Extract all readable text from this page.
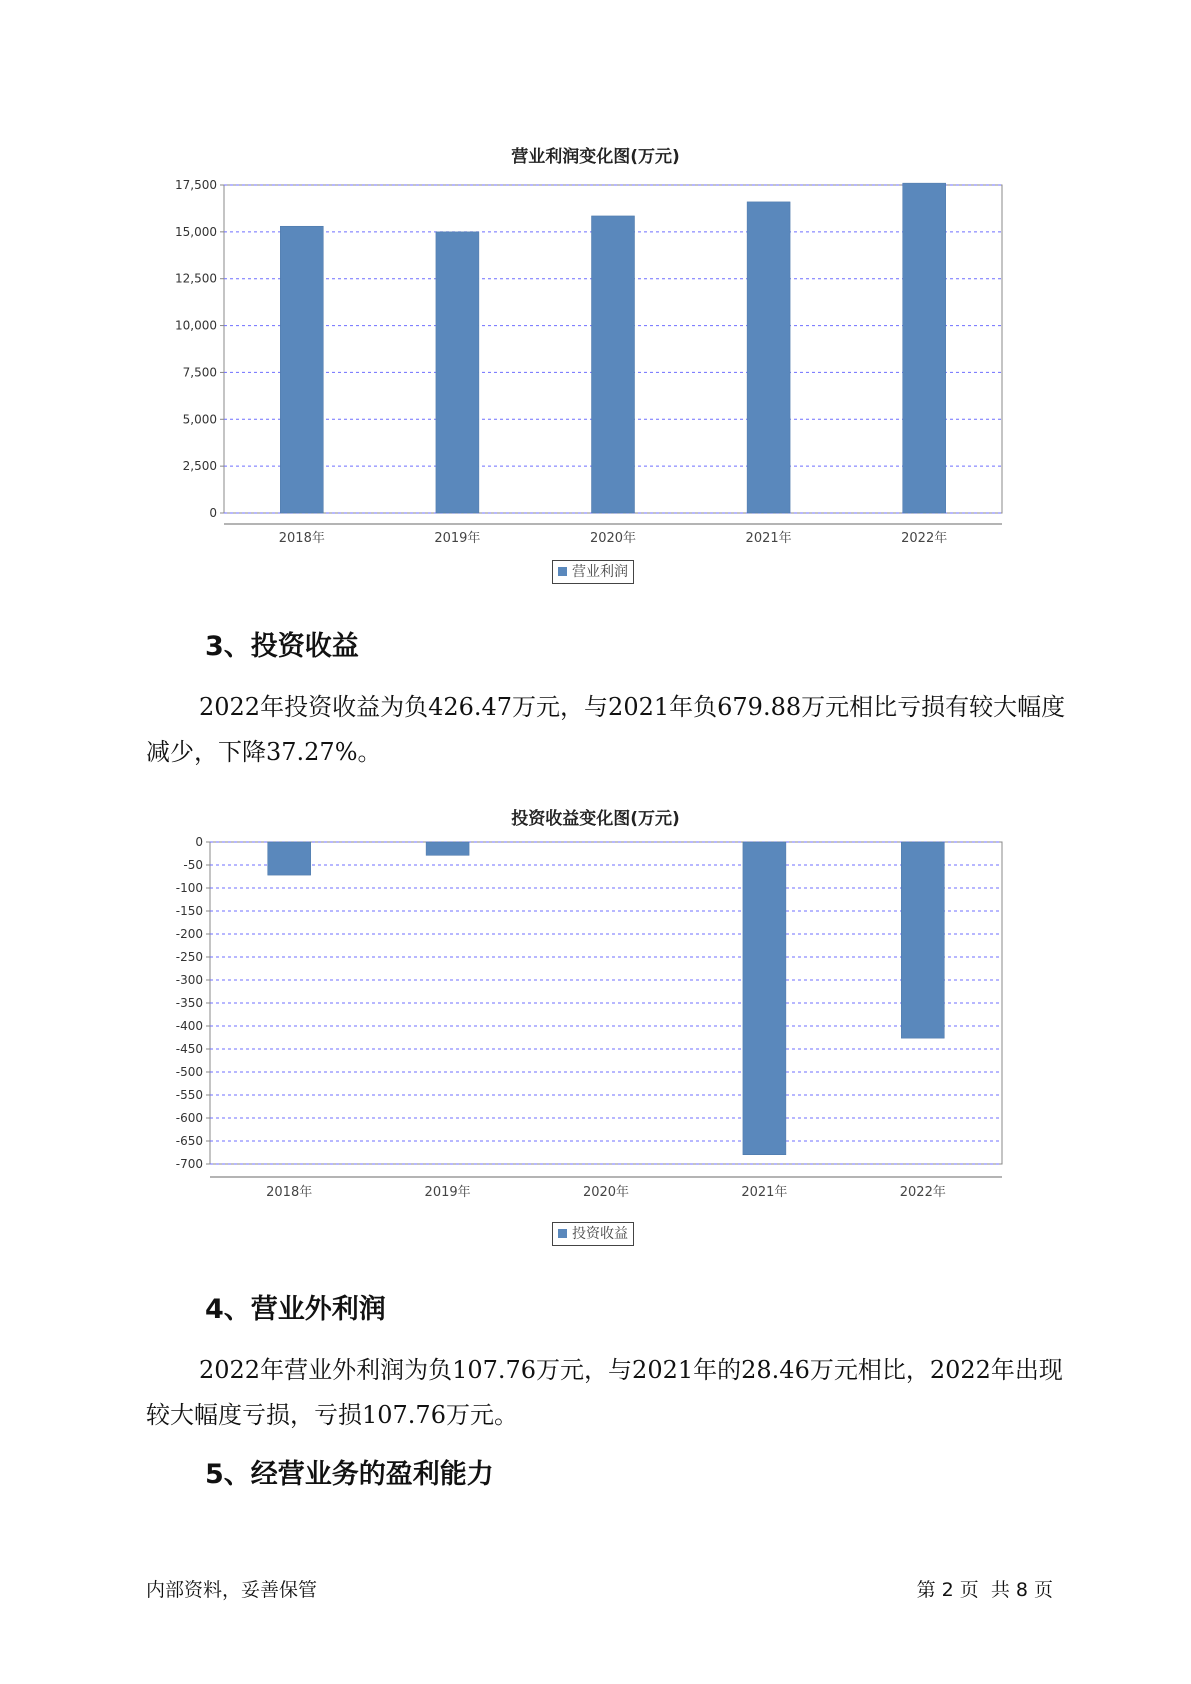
营业利润变化图(万元)
0
2,500
5,000
7,500
10,000
12,500
15,000
17,500
2018年	2019年	2020年	2021年	2022年
营业利润
3、投资收益

2022年投资收益为负426.47万元，与2021年负679.88万元相比亏损有较大幅度减少，下降37.27%。

投资收益变化图(万元)
0
-50
-100
-150
-200
-250
-300
-350
-400
-450
-500
-550
-600
-650
-700
2018年	2019年	2020年	2021年	2022年
投资收益
4、营业外利润

2022年营业外利润为负107.76万元，与2021年的28.46万元相比，2022年出现较大幅度亏损，亏损107.76万元。

5、经营业务的盈利能力
内部资料，妥善保管	第 2 页  共 8 页
